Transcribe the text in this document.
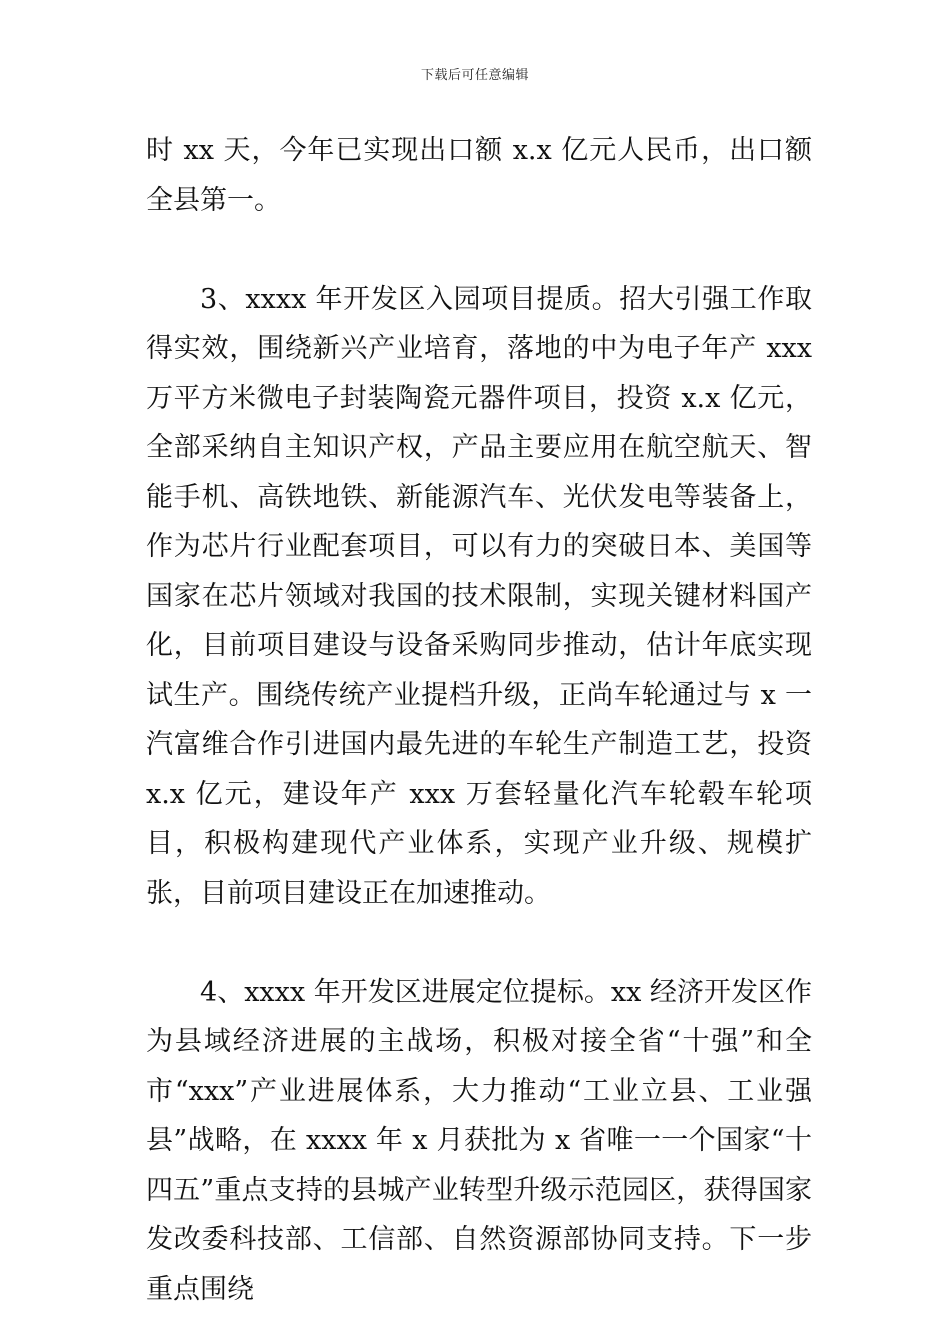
下载后可任意编辑

时 xx 天，今年已实现出口额 x.x 亿元人民币，出口额全县第一。

3、xxxx 年开发区入园项目提质。招大引强工作取得实效，围绕新兴产业培育，落地的中为电子年产 xxx 万平方米微电子封装陶瓷元器件项目，投资 x.x 亿元，全部采纳自主知识产权，产品主要应用在航空航天、智能手机、高铁地铁、新能源汽车、光伏发电等装备上，作为芯片行业配套项目，可以有力的突破日本、美国等国家在芯片领域对我国的技术限制，实现关键材料国产化，目前项目建设与设备采购同步推动，估计年底实现试生产。围绕传统产业提档升级，正尚车轮通过与 x 一汽富维合作引进国内最先进的车轮生产制造工艺，投资 x.x 亿元，建设年产 xxx 万套轻量化汽车轮毂车轮项目，积极构建现代产业体系，实现产业升级、规模扩张，目前项目建设正在加速推动。

4、xxxx 年开发区进展定位提标。xx 经济开发区作为县域经济进展的主战场，积极对接全省“十强”和全市“xxx”产业进展体系，大力推动“工业立县、工业强县”战略，在 xxxx 年 x 月获批为 x 省唯一一个国家“十四五”重点支持的县城产业转型升级示范园区，获得国家发改委科技部、工信部、自然资源部协同支持。下一步重点围绕
